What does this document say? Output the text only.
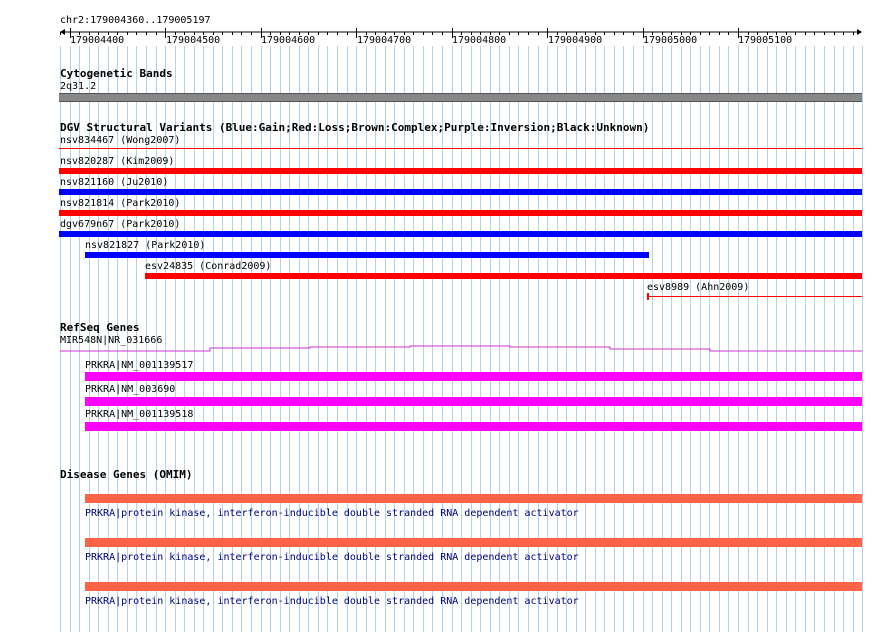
chr2:179004360..179005197
179004400	179004500	179004600	179004700	179004800	179004900	179005000	179005100
Cytogenetic Bands
2q31.2
DGV Structural Variants (Blue:Gain;Red:Loss;Brown:Complex;Purple:Inversion;Black:Unknown)
nsv834467 (Wong2007)
nsv820287 (Kim2009)
nsv821160 (Ju2010)
nsv821814 (Park2010)
dgv679n67 (Park2010)
nsv821827 (Park2010)
esv24835 (Conrad2009)
esv8989 (Ahn2009)
RefSeq Genes
MIR548N|NR_031666
PRKRA|NM_001139517
PRKRA|NM_003690
PRKRA|NM_001139518
Disease Genes (OMIM)
PRKRA|protein kinase, interferon-inducible double stranded RNA dependent activator
PRKRA|protein kinase, interferon-inducible double stranded RNA dependent activator
PRKRA|protein kinase, interferon-inducible double stranded RNA dependent activator
